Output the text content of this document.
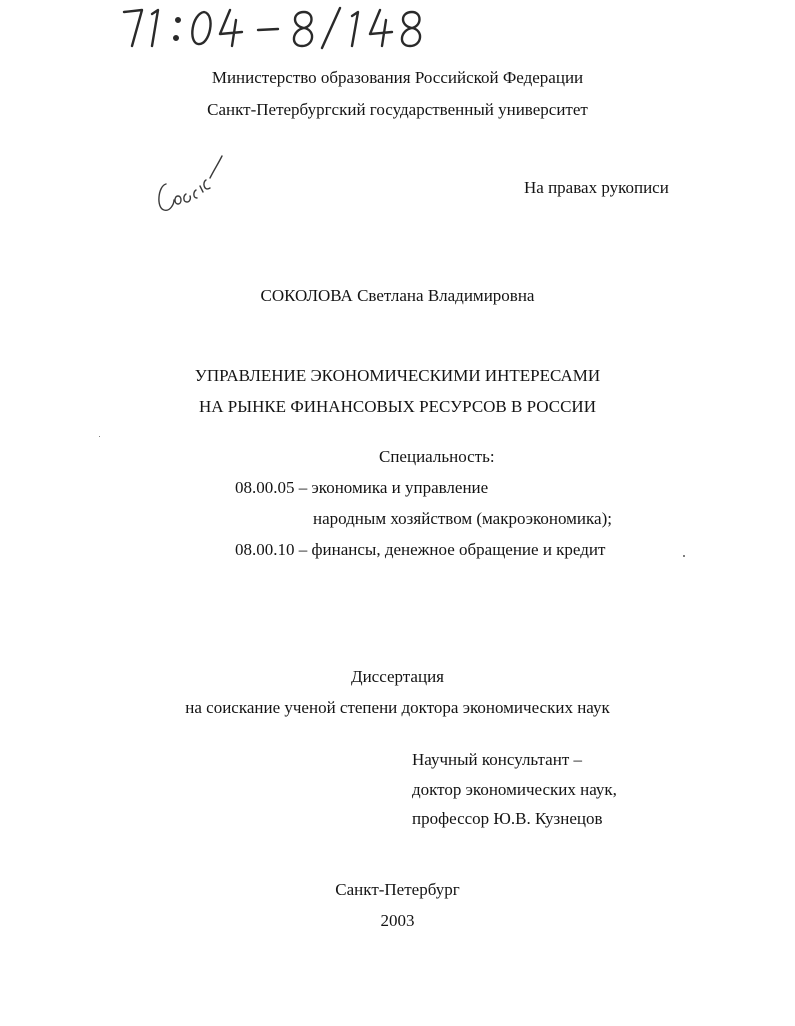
Министерство образования Российской Федерации
Санкт-Петербургский государственный университет
На правах рукописи
СОКОЛОВА Светлана Владимировна
УПРАВЛЕНИЕ ЭКОНОМИЧЕСКИМИ ИНТЕРЕСАМИ
НА РЫНКЕ ФИНАНСОВЫХ РЕСУРСОВ В РОССИИ
Специальность:
08.00.05 – экономика и управление
народным хозяйством (макроэкономика);
08.00.10 – финансы, денежное обращение и кредит
Диссертация
на соискание ученой степени доктора экономических наук
Научный консультант –
доктор экономических наук,
профессор Ю.В. Кузнецов
Санкт-Петербург
2003
